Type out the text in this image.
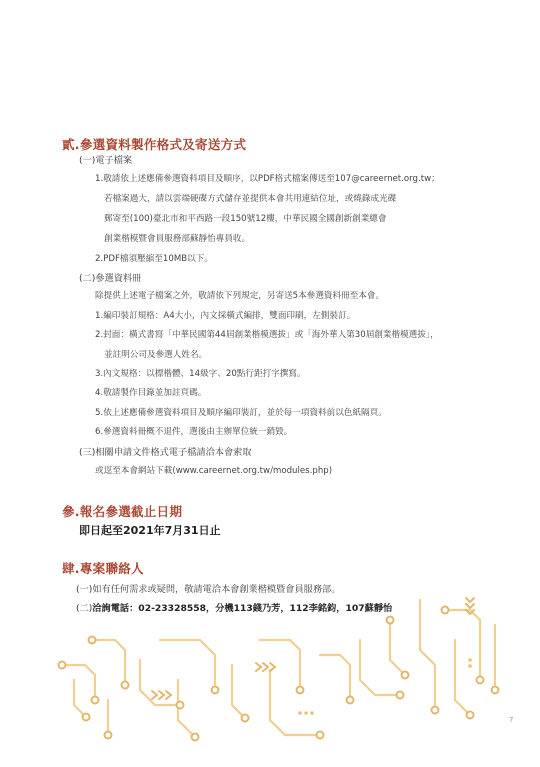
貳.參選資料製作格式及寄送方式
(一)電子檔案
1.敬請依上述應備參選資料項目及順序，以PDF格式檔案傳送至107@careernet.org.tw；
若檔案過大，請以雲端硬碟方式儲存並提供本會共用連結位址，或燒錄成光碟
郵寄至(100)臺北市和平西路一段150號12樓，中華民國全國創新創業總會
創業楷模暨會員服務部蘇靜怡專員收。
2.PDF檔須壓縮至10MB以下。
(二)參選資料冊
除提供上述電子檔案之外，敬請依下列規定，另寄送5本參選資料冊至本會。
1.編印裝訂規格：A4大小，內文採橫式編排，雙面印刷，左側裝訂。
2.封面：橫式書寫「中華民國第44屆創業楷模選拔」或「海外華人第30屆創業楷模選拔」，
並註明公司及參選人姓名。
3.內文規格：以標楷體、14級字、20點行距打字撰寫。
4.敬請製作目錄並加註頁碼。
5.依上述應備參選資料項目及順序編印裝訂，並於每一項資料前以色紙隔頁。
6.參選資料冊概不退件，選後由主辦單位統一銷毀。
(三)相關申請文件格式電子檔請洽本會索取
或逕至本會網站下載(www.careernet.org.tw/modules.php)
參.報名參選截止日期
即日起至2021年7月31日止
肆.專案聯絡人
(一)如有任何需求或疑問，敬請電洽本會創業楷模暨會員服務部。
(二)洽詢電話：02-23328558，分機113錢乃芳，112李銘鈞，107蘇靜怡
7
